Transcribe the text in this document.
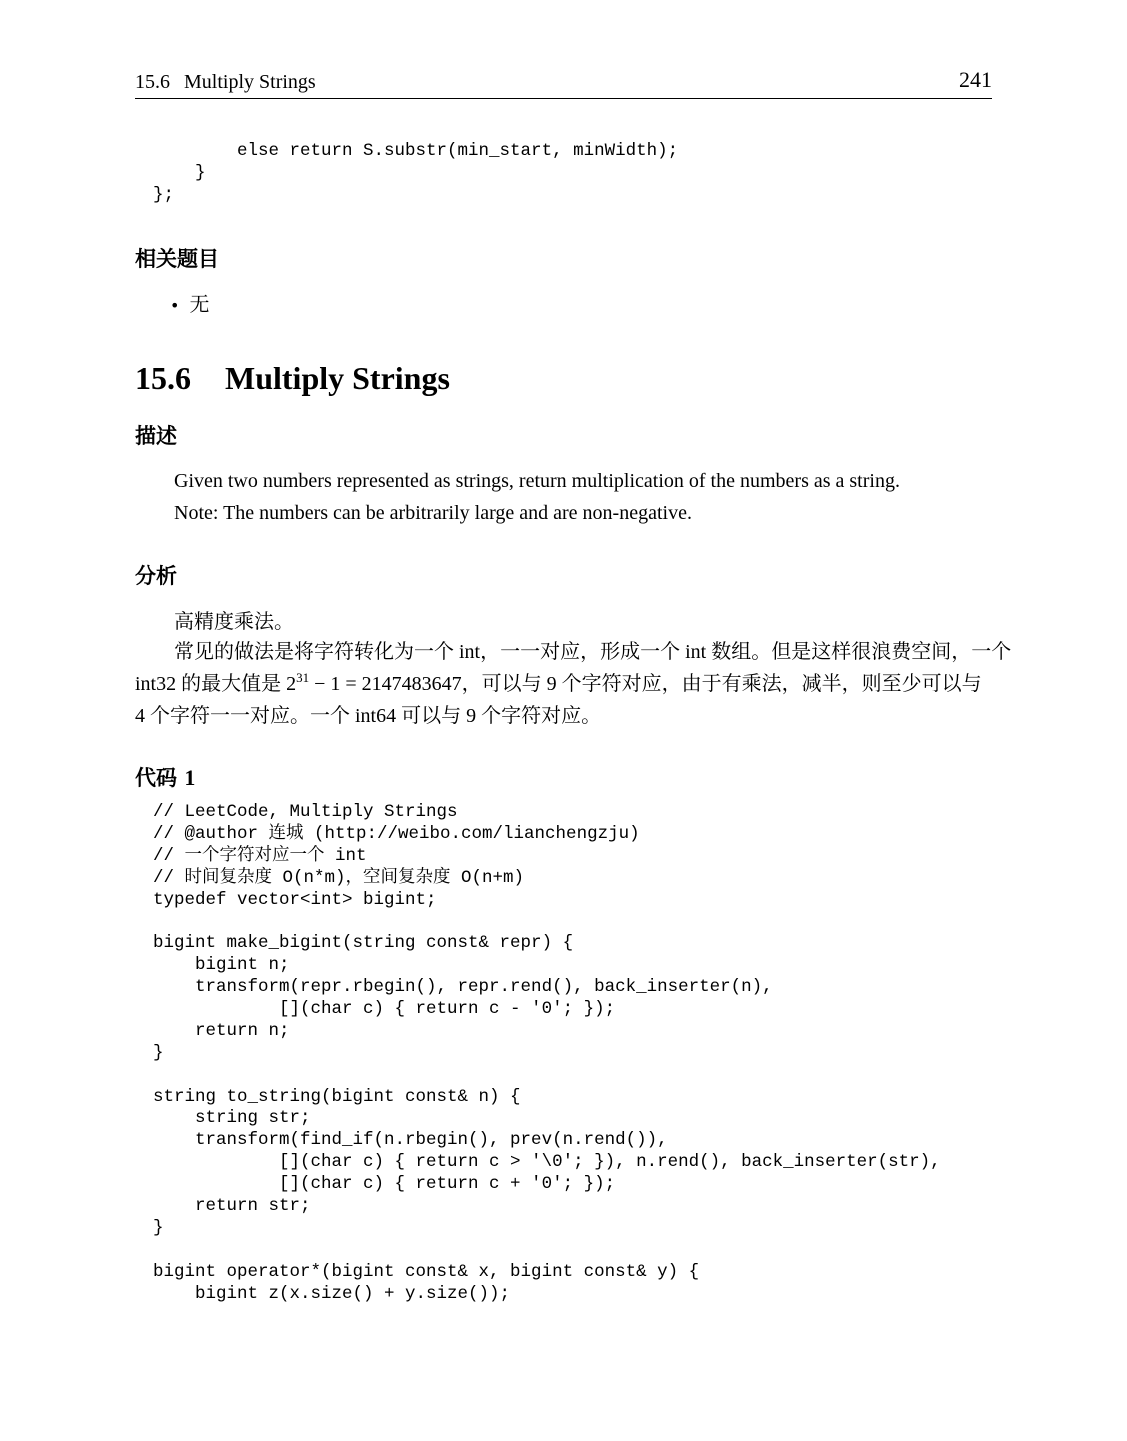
15.6 Multiply Strings	241
else return S.substr(min_start, minWidth);
}
};
相关题目
• 无
15.6 Multiply Strings
描述
Given two numbers represented as strings, return multiplication of the numbers as a string.
Note: The numbers can be arbitrarily large and are non-negative.
分析
高精度乘法。
常见的做法是将字符转化为一个 int，一一对应，形成一个 int 数组。但是这样很浪费空间，一个
int32 的最大值是 $2^{31} - 1 = 2147483647$，可以与 9 个字符对应，由于有乘法，减半，则至少可以与
4 个字符一一对应。一个 int64 可以与 9 个字符对应。
代码 1
// LeetCode, Multiply Strings
// @author 连城 (http://weibo.com/lianchengzju)
// 一个字符对应一个 int
// 时间复杂度 O(n*m)，空间复杂度 O(n+m)
typedef vector<int> bigint;
bigint make_bigint(string const& repr) {
bigint n;
transform(repr.rbegin(), repr.rend(), back_inserter(n),
[](char c) { return c - '0'; });
return n;
}
string to_string(bigint const& n) {
string str;
transform(find_if(n.rbegin(), prev(n.rend()),
[](char c) { return c > '\0'; }), n.rend(), back_inserter(str),
[](char c) { return c + '0'; });
return str;
}
bigint operator*(bigint const& x, bigint const& y) {
bigint z(x.size() + y.size());
